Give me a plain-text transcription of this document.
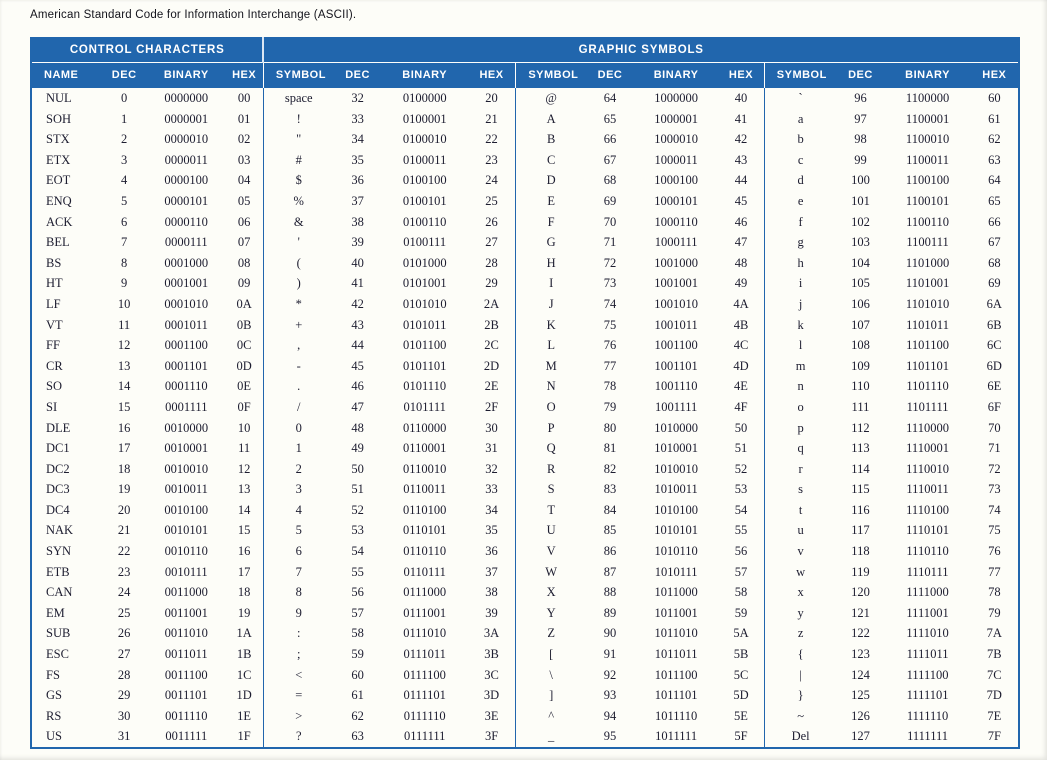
American Standard Code for Information Interchange (ASCII).
CONTROL CHARACTERS				GRAPHIC SYMBOLS											
NAME	DEC	BINARY	HEX	SYMBOL	DEC	BINARY	HEX	SYMBOL	DEC	BINARY	HEX	SYMBOL	DEC	BINARY	HEX
NUL	0	0000000	00	space	32	0100000	20	@	64	1000000	40	`	96	1100000	60
SOH	1	0000001	01	!	33	0100001	21	A	65	1000001	41	a	97	1100001	61
STX	2	0000010	02	"	34	0100010	22	B	66	1000010	42	b	98	1100010	62
ETX	3	0000011	03	#	35	0100011	23	C	67	1000011	43	c	99	1100011	63
EOT	4	0000100	04	$	36	0100100	24	D	68	1000100	44	d	100	1100100	64
ENQ	5	0000101	05	%	37	0100101	25	E	69	1000101	45	e	101	1100101	65
ACK	6	0000110	06	&	38	0100110	26	F	70	1000110	46	f	102	1100110	66
BEL	7	0000111	07	'	39	0100111	27	G	71	1000111	47	g	103	1100111	67
BS	8	0001000	08	(	40	0101000	28	H	72	1001000	48	h	104	1101000	68
HT	9	0001001	09	)	41	0101001	29	I	73	1001001	49	i	105	1101001	69
LF	10	0001010	0A	*	42	0101010	2A	J	74	1001010	4A	j	106	1101010	6A
VT	11	0001011	0B	+	43	0101011	2B	K	75	1001011	4B	k	107	1101011	6B
FF	12	0001100	0C	,	44	0101100	2C	L	76	1001100	4C	l	108	1101100	6C
CR	13	0001101	0D	-	45	0101101	2D	M	77	1001101	4D	m	109	1101101	6D
SO	14	0001110	0E	.	46	0101110	2E	N	78	1001110	4E	n	110	1101110	6E
SI	15	0001111	0F	/	47	0101111	2F	O	79	1001111	4F	o	111	1101111	6F
DLE	16	0010000	10	0	48	0110000	30	P	80	1010000	50	p	112	1110000	70
DC1	17	0010001	11	1	49	0110001	31	Q	81	1010001	51	q	113	1110001	71
DC2	18	0010010	12	2	50	0110010	32	R	82	1010010	52	r	114	1110010	72
DC3	19	0010011	13	3	51	0110011	33	S	83	1010011	53	s	115	1110011	73
DC4	20	0010100	14	4	52	0110100	34	T	84	1010100	54	t	116	1110100	74
NAK	21	0010101	15	5	53	0110101	35	U	85	1010101	55	u	117	1110101	75
SYN	22	0010110	16	6	54	0110110	36	V	86	1010110	56	v	118	1110110	76
ETB	23	0010111	17	7	55	0110111	37	W	87	1010111	57	w	119	1110111	77
CAN	24	0011000	18	8	56	0111000	38	X	88	1011000	58	x	120	1111000	78
EM	25	0011001	19	9	57	0111001	39	Y	89	1011001	59	y	121	1111001	79
SUB	26	0011010	1A	:	58	0111010	3A	Z	90	1011010	5A	z	122	1111010	7A
ESC	27	0011011	1B	;	59	0111011	3B	[	91	1011011	5B	{	123	1111011	7B
FS	28	0011100	1C	<	60	0111100	3C	\	92	1011100	5C	|	124	1111100	7C
GS	29	0011101	1D	=	61	0111101	3D	]	93	1011101	5D	}	125	1111101	7D
RS	30	0011110	1E	>	62	0111110	3E	^	94	1011110	5E	~	126	1111110	7E
US	31	0011111	1F	?	63	0111111	3F	_	95	1011111	5F	Del	127	1111111	7F
